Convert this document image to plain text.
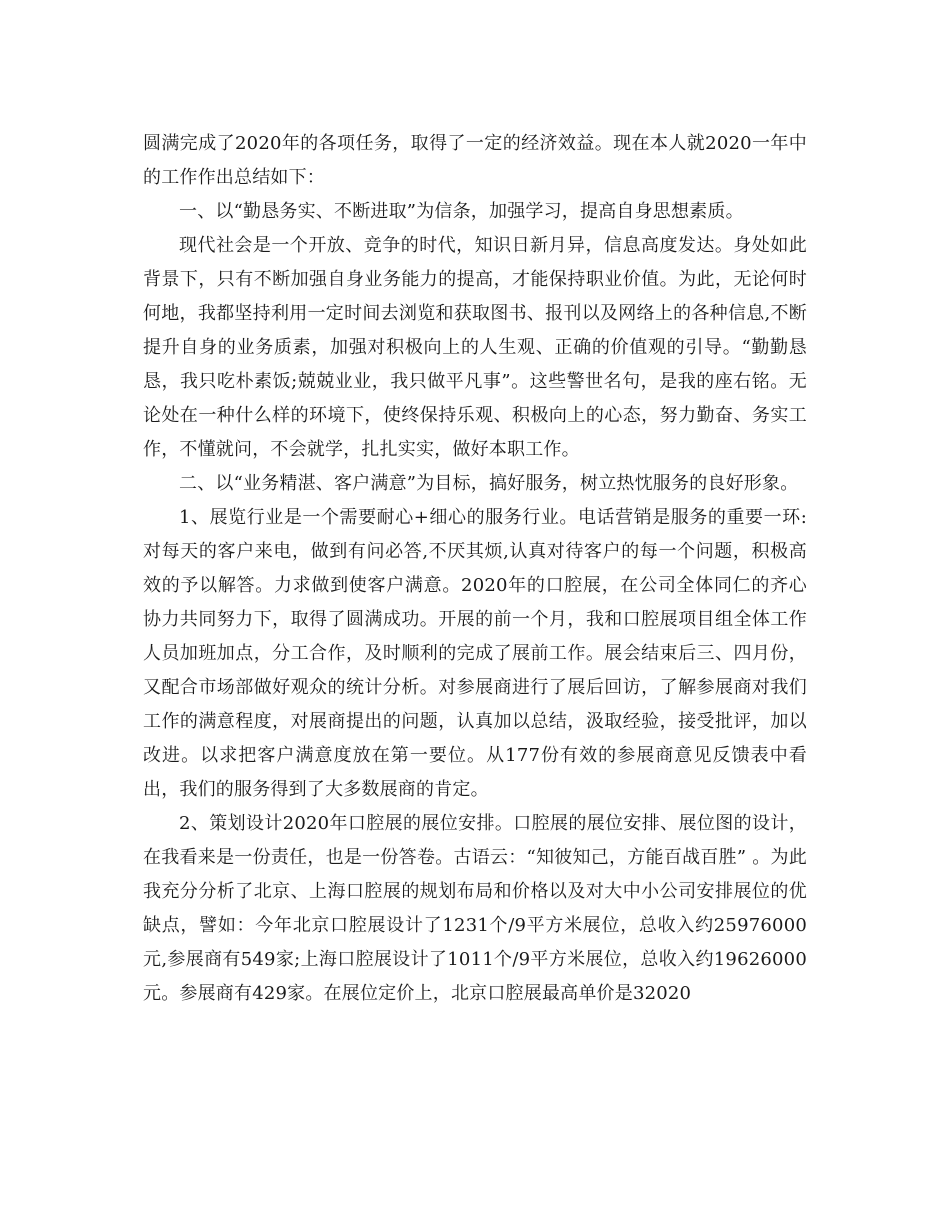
圆满完成了2020年的各项任务，取得了一定的经济效益。现在本人就2020一年中的工作作出总结如下：

一、以“勤恳务实、不断进取”为信条，加强学习，提高自身思想素质。

现代社会是一个开放、竞争的时代，知识日新月异，信息高度发达。身处如此背景下，只有不断加强自身业务能力的提高，才能保持职业价值。为此，无论何时何地，我都坚持利用一定时间去浏览和获取图书、报刊以及网络上的各种信息,不断提升自身的业务质素，加强对积极向上的人生观、正确的价值观的引导。“勤勤恳恳，我只吃朴素饭;兢兢业业，我只做平凡事”。这些警世名句，是我的座右铭。无论处在一种什么样的环境下，使终保持乐观、积极向上的心态，努力勤奋、务实工作，不懂就问，不会就学，扎扎实实，做好本职工作。

二、以“业务精湛、客户满意”为目标，搞好服务，树立热忱服务的良好形象。

1、展览行业是一个需要耐心+细心的服务行业。电话营销是服务的重要一环:对每天的客户来电，做到有问必答,不厌其烦,认真对待客户的每一个问题，积极高效的予以解答。力求做到使客户满意。2020年的口腔展，在公司全体同仁的齐心协力共同努力下，取得了圆满成功。开展的前一个月，我和口腔展项目组全体工作人员加班加点，分工合作，及时顺利的完成了展前工作。展会结束后三、四月份，又配合市场部做好观众的统计分析。对参展商进行了展后回访，了解参展商对我们工作的满意程度，对展商提出的问题，认真加以总结，汲取经验，接受批评，加以改进。以求把客户满意度放在第一要位。从177份有效的参展商意见反馈表中看出，我们的服务得到了大多数展商的肯定。

2、策划设计2020年口腔展的展位安排。口腔展的展位安排、展位图的设计，在我看来是一份责任，也是一份答卷。古语云：“知彼知己，方能百战百胜” 。为此我充分分析了北京、上海口腔展的规划布局和价格以及对大中小公司安排展位的优缺点，譬如：今年北京口腔展设计了1231个/9平方米展位，总收入约25976000元,参展商有549家;上海口腔展设计了1011个/9平方米展位，总收入约19626000元。参展商有429家。在展位定价上，北京口腔展最高单价是32020
